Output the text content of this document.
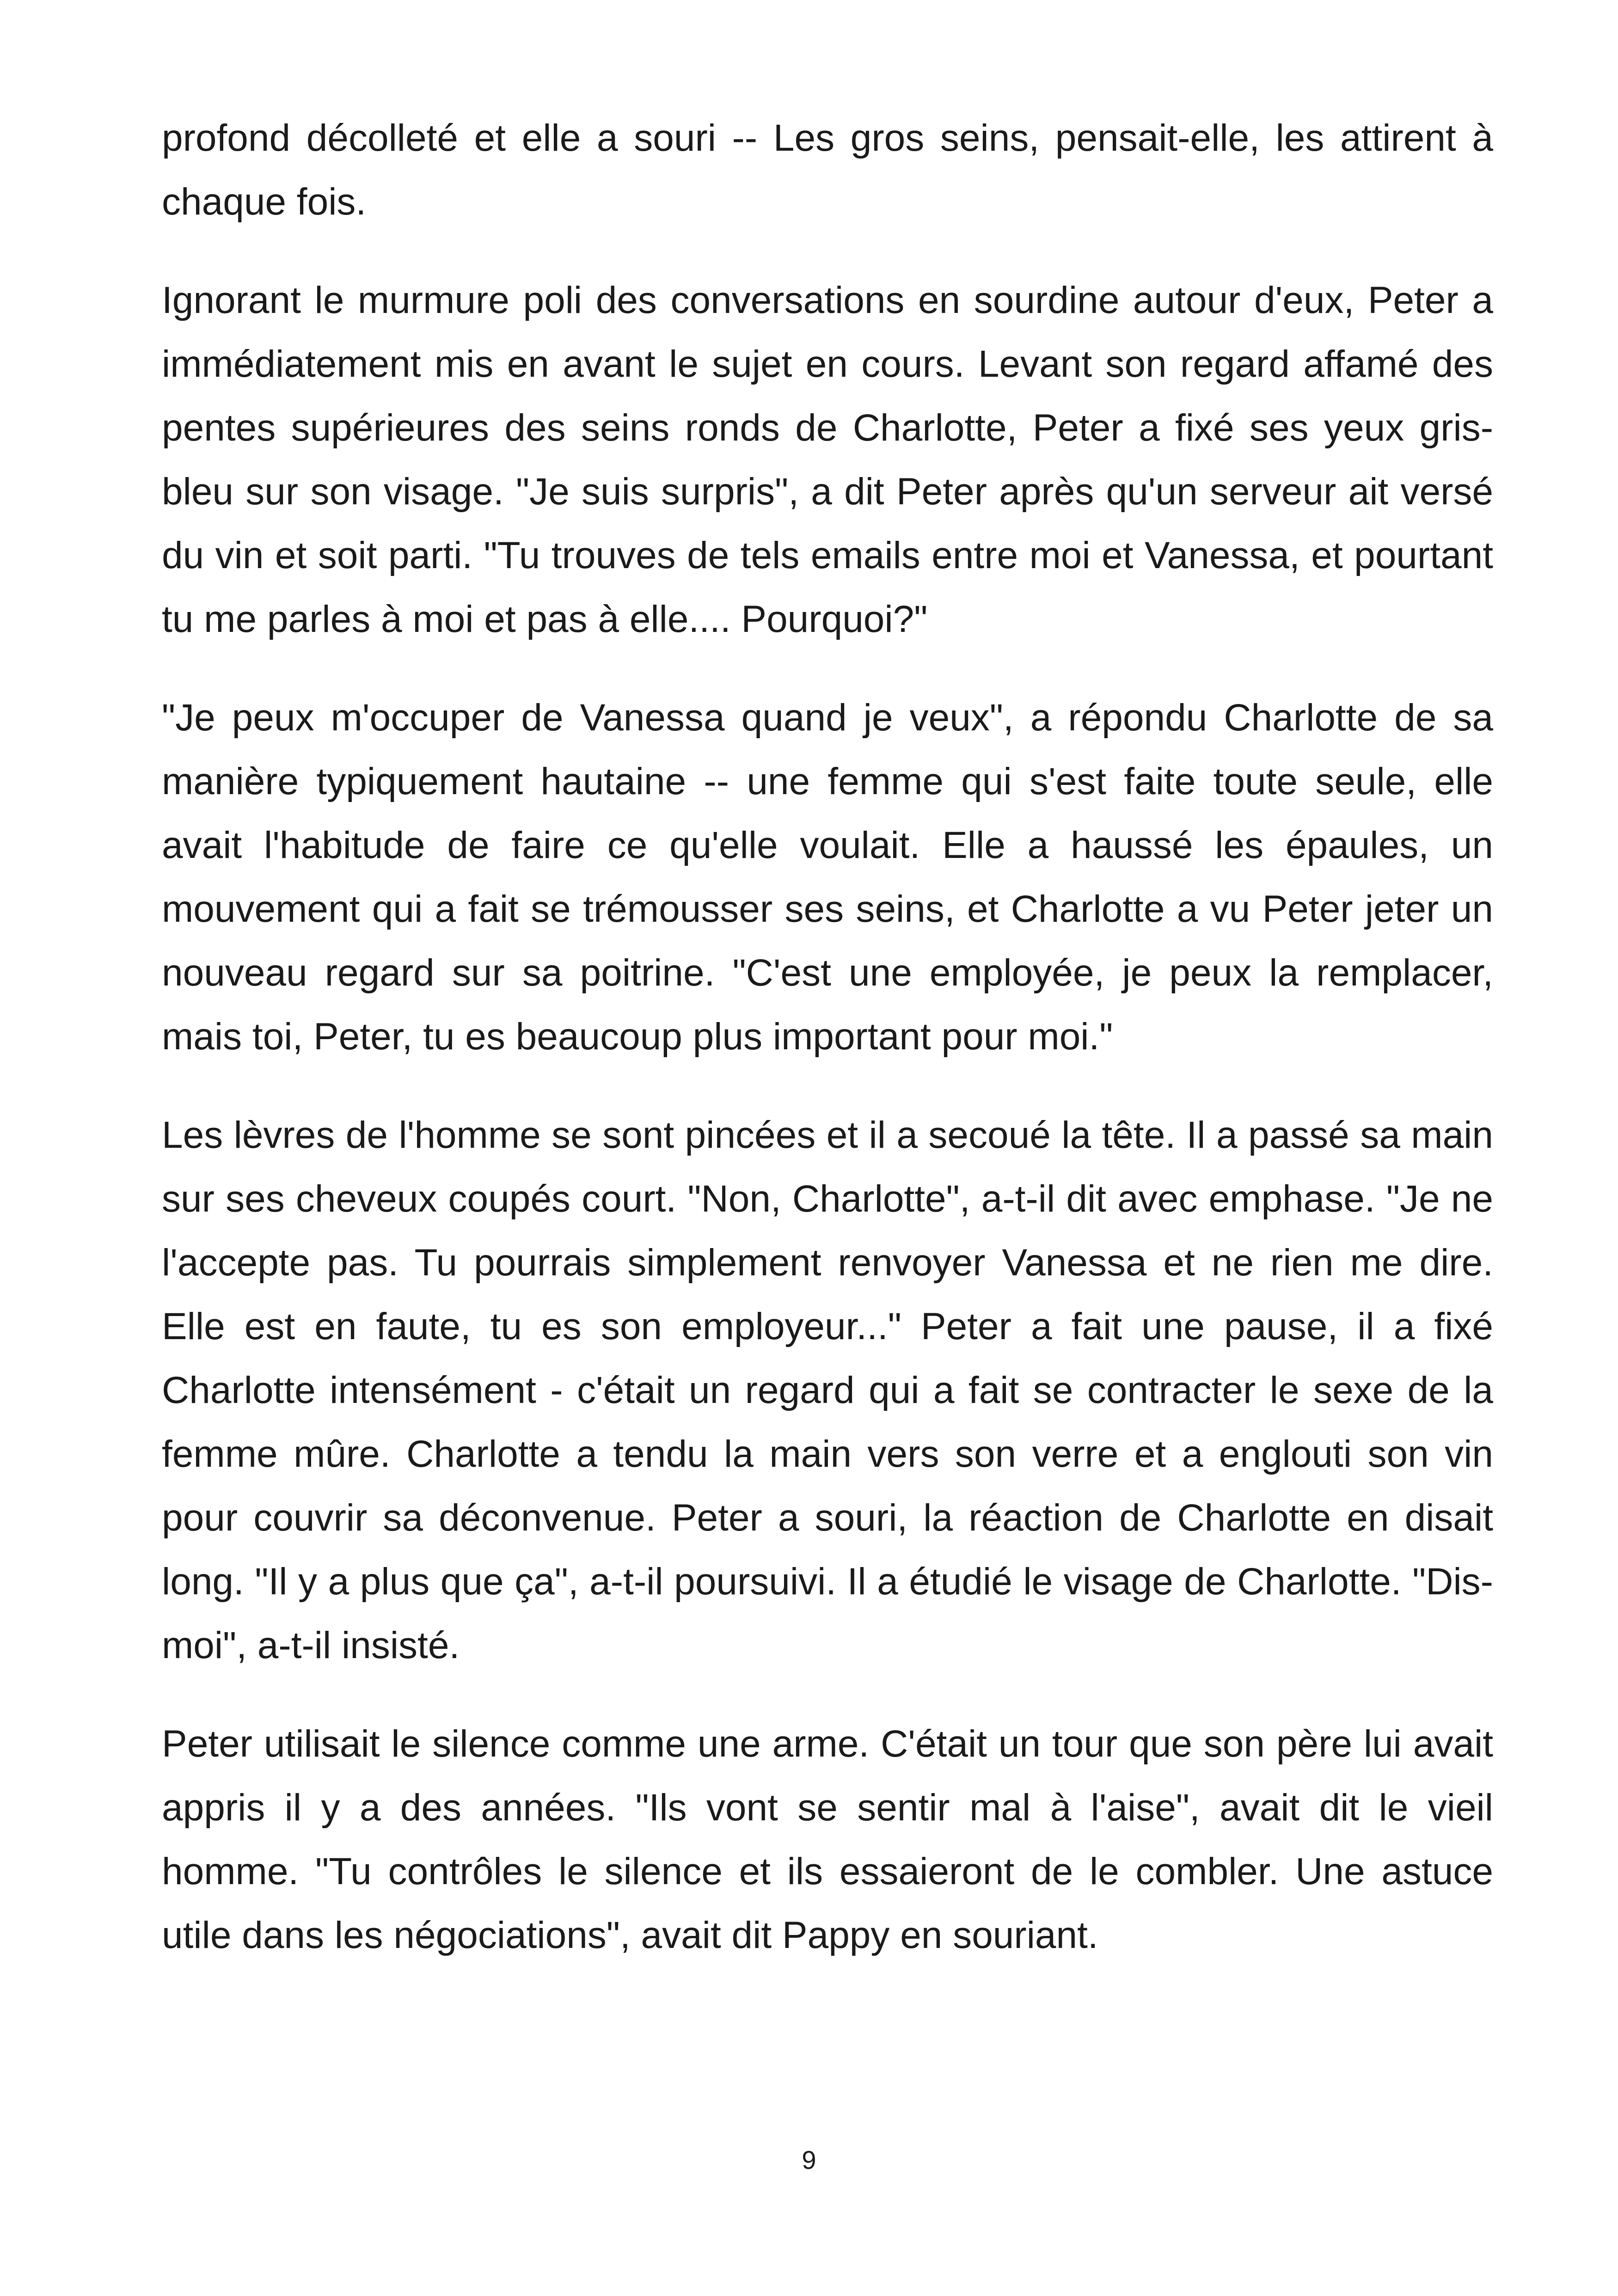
profond décolleté et elle a souri -- Les gros seins, pensait-elle, les attirent à chaque fois.

Ignorant le murmure poli des conversations en sourdine autour d'eux, Peter a immédiatement mis en avant le sujet en cours. Levant son regard affamé des pentes supérieures des seins ronds de Charlotte, Peter a fixé ses yeux gris-bleu sur son visage. "Je suis surpris", a dit Peter après qu'un serveur ait versé du vin et soit parti. "Tu trouves de tels emails entre moi et Vanessa, et pourtant tu me parles à moi et pas à elle.... Pourquoi?"

"Je peux m'occuper de Vanessa quand je veux", a répondu Charlotte de sa manière typiquement hautaine -- une femme qui s'est faite toute seule, elle avait l'habitude de faire ce qu'elle voulait. Elle a haussé les épaules, un mouvement qui a fait se trémousser ses seins, et Charlotte a vu Peter jeter un nouveau regard sur sa poitrine. "C'est une employée, je peux la remplacer, mais toi, Peter, tu es beaucoup plus important pour moi."

Les lèvres de l'homme se sont pincées et il a secoué la tête. Il a passé sa main sur ses cheveux coupés court. "Non, Charlotte", a-t-il dit avec emphase. "Je ne l'accepte pas. Tu pourrais simplement renvoyer Vanessa et ne rien me dire. Elle est en faute, tu es son employeur..." Peter a fait une pause, il a fixé Charlotte intensément - c'était un regard qui a fait se contracter le sexe de la femme mûre. Charlotte a tendu la main vers son verre et a englouti son vin pour couvrir sa déconvenue. Peter a souri, la réaction de Charlotte en disait long. "Il y a plus que ça", a-t-il poursuivi. Il a étudié le visage de Charlotte. "Dis-moi", a-t-il insisté.

Peter utilisait le silence comme une arme. C'était un tour que son père lui avait appris il y a des années. "Ils vont se sentir mal à l'aise", avait dit le vieil homme. "Tu contrôles le silence et ils essaieront de le combler. Une astuce utile dans les négociations", avait dit Pappy en souriant.

9
